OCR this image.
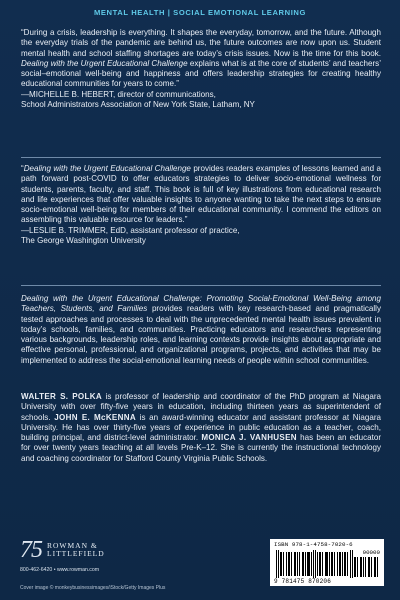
MENTAL HEALTH | SOCIAL EMOTIONAL LEARNING

“During a crisis, leadership is everything. It shapes the everyday, tomorrow, and the future. Although the everyday trials of the pandemic are behind us, the future outcomes are now upon us. Student mental health and school staffing shortages are today’s crisis issues. Now is the time for this book. Dealing with the Urgent Educational Challenge explains what is at the core of students’ and teachers’ social–emotional well-being and happiness and offers leadership strategies for creating healthy educational communities for years to come.”

—MICHELLE B. HEBERT, director of communications,

School Administrators Association of New York State, Latham, NY

“Dealing with the Urgent Educational Challenge provides readers examples of lessons learned and a path forward post-COVID to offer educators strategies to deliver socio-emotional wellness for students, parents, faculty, and staff. This book is full of key illustrations from educational research and life experiences that offer valuable insights to anyone wanting to take the next steps to ensure socio-emotional well-being for members of their educational community. I commend the editors on assembling this valuable resource for leaders.”

—LESLIE B. TRIMMER, EdD, assistant professor of practice,

The George Washington University

Dealing with the Urgent Educational Challenge: Promoting Social-Emotional Well-Being among Teachers, Students, and Families provides readers with key research-based and pragmatically tested approaches and processes to deal with the unprecedented mental health issues prevalent in today’s schools, families, and communities. Practicing educators and researchers representing various backgrounds, leadership roles, and learning contexts provide insights about appropriate and effective personal, professional, and organizational programs, projects, and activities that may be implemented to address the social-emotional learning needs of people within school communities.

WALTER S. POLKA is professor of leadership and coordinator of the PhD program at Niagara University with over fifty-five years in education, including thirteen years as superintendent of schools. JOHN E. McKENNA is an award-winning educator and assistant professor at Niagara University. He has over thirty-five years of experience in public education as a teacher, coach, building principal, and district-level administrator. MONICA J. VANHUSEN has been an educator for over twenty years teaching at all levels Pre-K–12. She is currently the instructional technology and coaching coordinator for Stafford County Virginia Public Schools.

75 ROWMAN &
LITTLEFIELD
800-462-6420 • www.rowman.com
Cover image © monkeybusinessimages/iStock/Getty Images Plus
ISBN 978-1-4758-7020-6
90000
9 781475 870206
